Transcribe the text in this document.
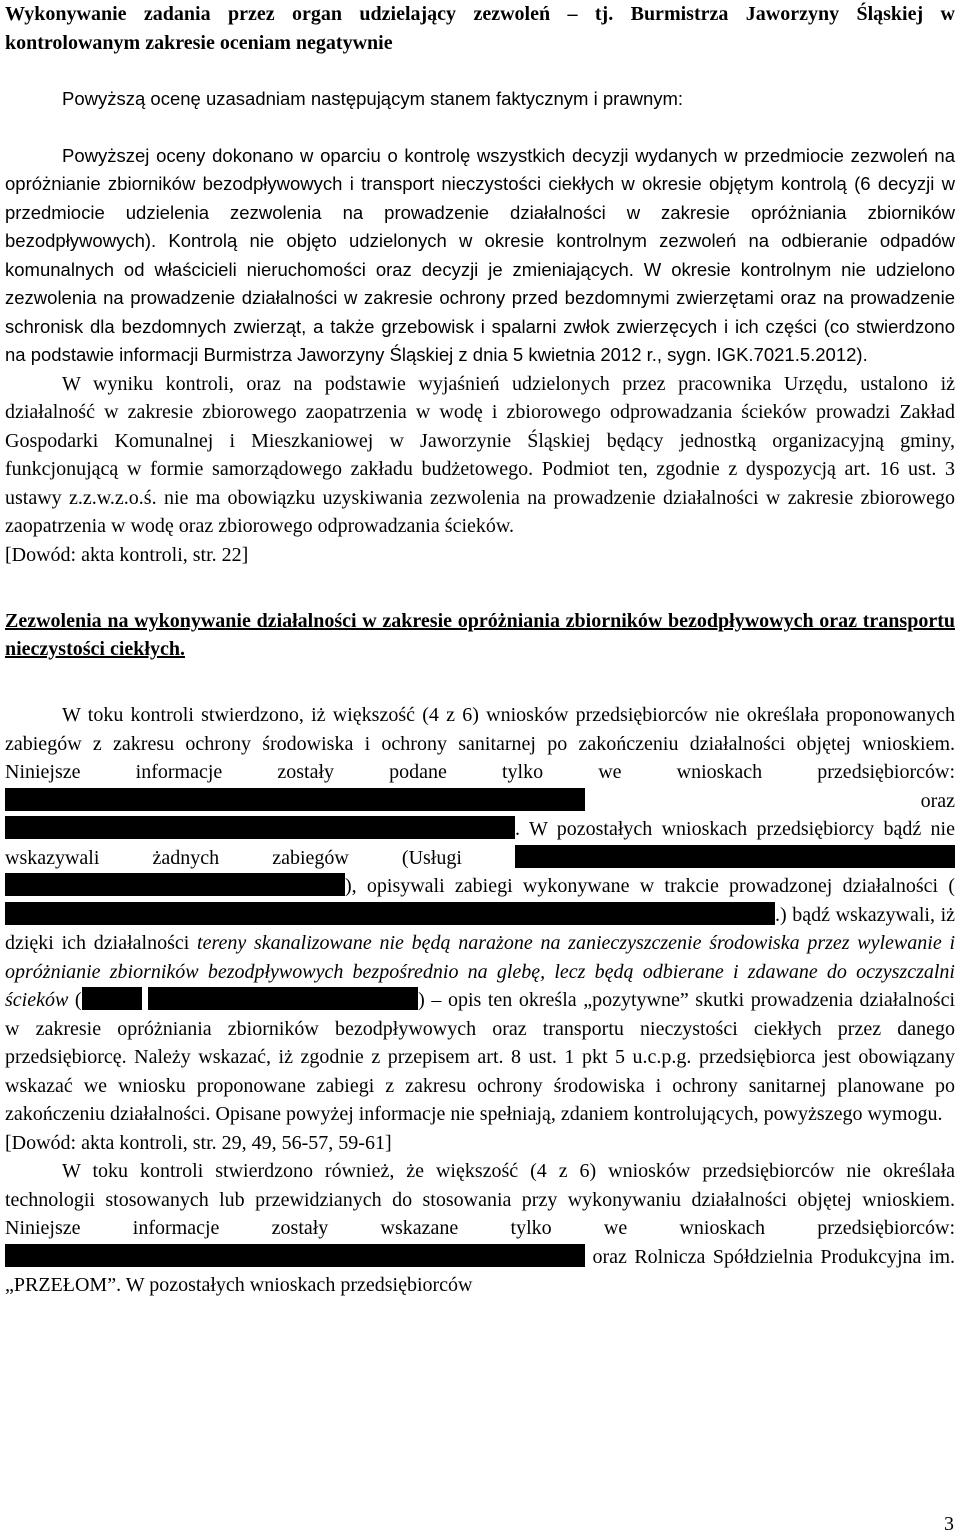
Wykonywanie zadania przez organ udzielający zezwoleń – tj. Burmistrza Jaworzyny Śląskiej w kontrolowanym zakresie oceniam negatywnie

Powyższą ocenę uzasadniam następującym stanem faktycznym i prawnym:

Powyższej oceny dokonano w oparciu o kontrolę wszystkich decyzji wydanych w przedmiocie zezwoleń na opróżnianie zbiorników bezodpływowych i transport nieczystości ciekłych w okresie objętym kontrolą (6 decyzji w przedmiocie udzielenia zezwolenia na prowadzenie działalności w zakresie opróżniania zbiorników bezodpływowych). Kontrolą nie objęto udzielonych w okresie kontrolnym zezwoleń na odbieranie odpadów komunalnych od właścicieli nieruchomości oraz decyzji je zmieniających. W okresie kontrolnym nie udzielono zezwolenia na prowadzenie działalności w zakresie ochrony przed bezdomnymi zwierzętami oraz na prowadzenie schronisk dla bezdomnych zwierząt, a także grzebowisk i spalarni zwłok zwierzęcych i ich części (co stwierdzono na podstawie informacji Burmistrza Jaworzyny Śląskiej z dnia 5 kwietnia 2012 r., sygn. IGK.7021.5.2012).

W wyniku kontroli, oraz na podstawie wyjaśnień udzielonych przez pracownika Urzędu, ustalono iż działalność w zakresie zbiorowego zaopatrzenia w wodę i zbiorowego odprowadzania ścieków prowadzi Zakład Gospodarki Komunalnej i Mieszkaniowej w Jaworzynie Śląskiej będący jednostką organizacyjną gminy, funkcjonującą w formie samorządowego zakładu budżetowego. Podmiot ten, zgodnie z dyspozycją art. 16 ust. 3 ustawy z.z.w.z.o.ś. nie ma obowiązku uzyskiwania zezwolenia na prowadzenie działalności w zakresie zbiorowego zaopatrzenia w wodę oraz zbiorowego odprowadzania ścieków.
[Dowód: akta kontroli, str. 22]

Zezwolenia na wykonywanie działalności w zakresie opróżniania zbiorników bezodpływowych oraz transportu nieczystości ciekłych.

W toku kontroli stwierdzono, iż większość (4 z 6) wniosków przedsiębiorców nie określała proponowanych zabiegów z zakresu ochrony środowiska i ochrony sanitarnej po zakończeniu działalności objętej wnioskiem. Niniejsze informacje zostały podane tylko we wnioskach przedsiębiorców:  oraz . W pozostałych wnioskach przedsiębiorcy bądź nie wskazywali żadnych zabiegów (Usługi  ), opisywali zabiegi wykonywane w trakcie prowadzonej działalności (.) bądź wskazywali, iż dzięki ich działalności tereny skanalizowane nie będą narażone na zanieczyszczenie środowiska przez wylewanie i opróżnianie zbiorników bezodpływowych bezpośrednio na glebę, lecz będą odbierane i zdawane do oczyszczalni ścieków (	) – opis ten określa „pozytywne” skutki prowadzenia działalności w zakresie opróżniania zbiorników bezodpływowych oraz transportu nieczystości ciekłych przez danego przedsiębiorcę. Należy wskazać, iż zgodnie z przepisem art. 8 ust. 1 pkt 5 u.c.p.g. przedsiębiorca jest obowiązany wskazać we wniosku proponowane zabiegi z zakresu ochrony środowiska i ochrony sanitarnej planowane po zakończeniu działalności. Opisane powyżej informacje nie spełniają, zdaniem kontrolujących, powyższego wymogu.
[Dowód: akta kontroli, str. 29, 49, 56-57, 59-61]

W toku kontroli stwierdzono również, że większość (4 z 6) wniosków przedsiębiorców nie określała technologii stosowanych lub przewidzianych do stosowania przy wykonywaniu działalności objętej wnioskiem. Niniejsze informacje zostały wskazane tylko we wnioskach przedsiębiorców:  oraz Rolnicza Spółdzielnia Produkcyjna im. „PRZEŁOM”. W pozostałych wnioskach przedsiębiorców

3
